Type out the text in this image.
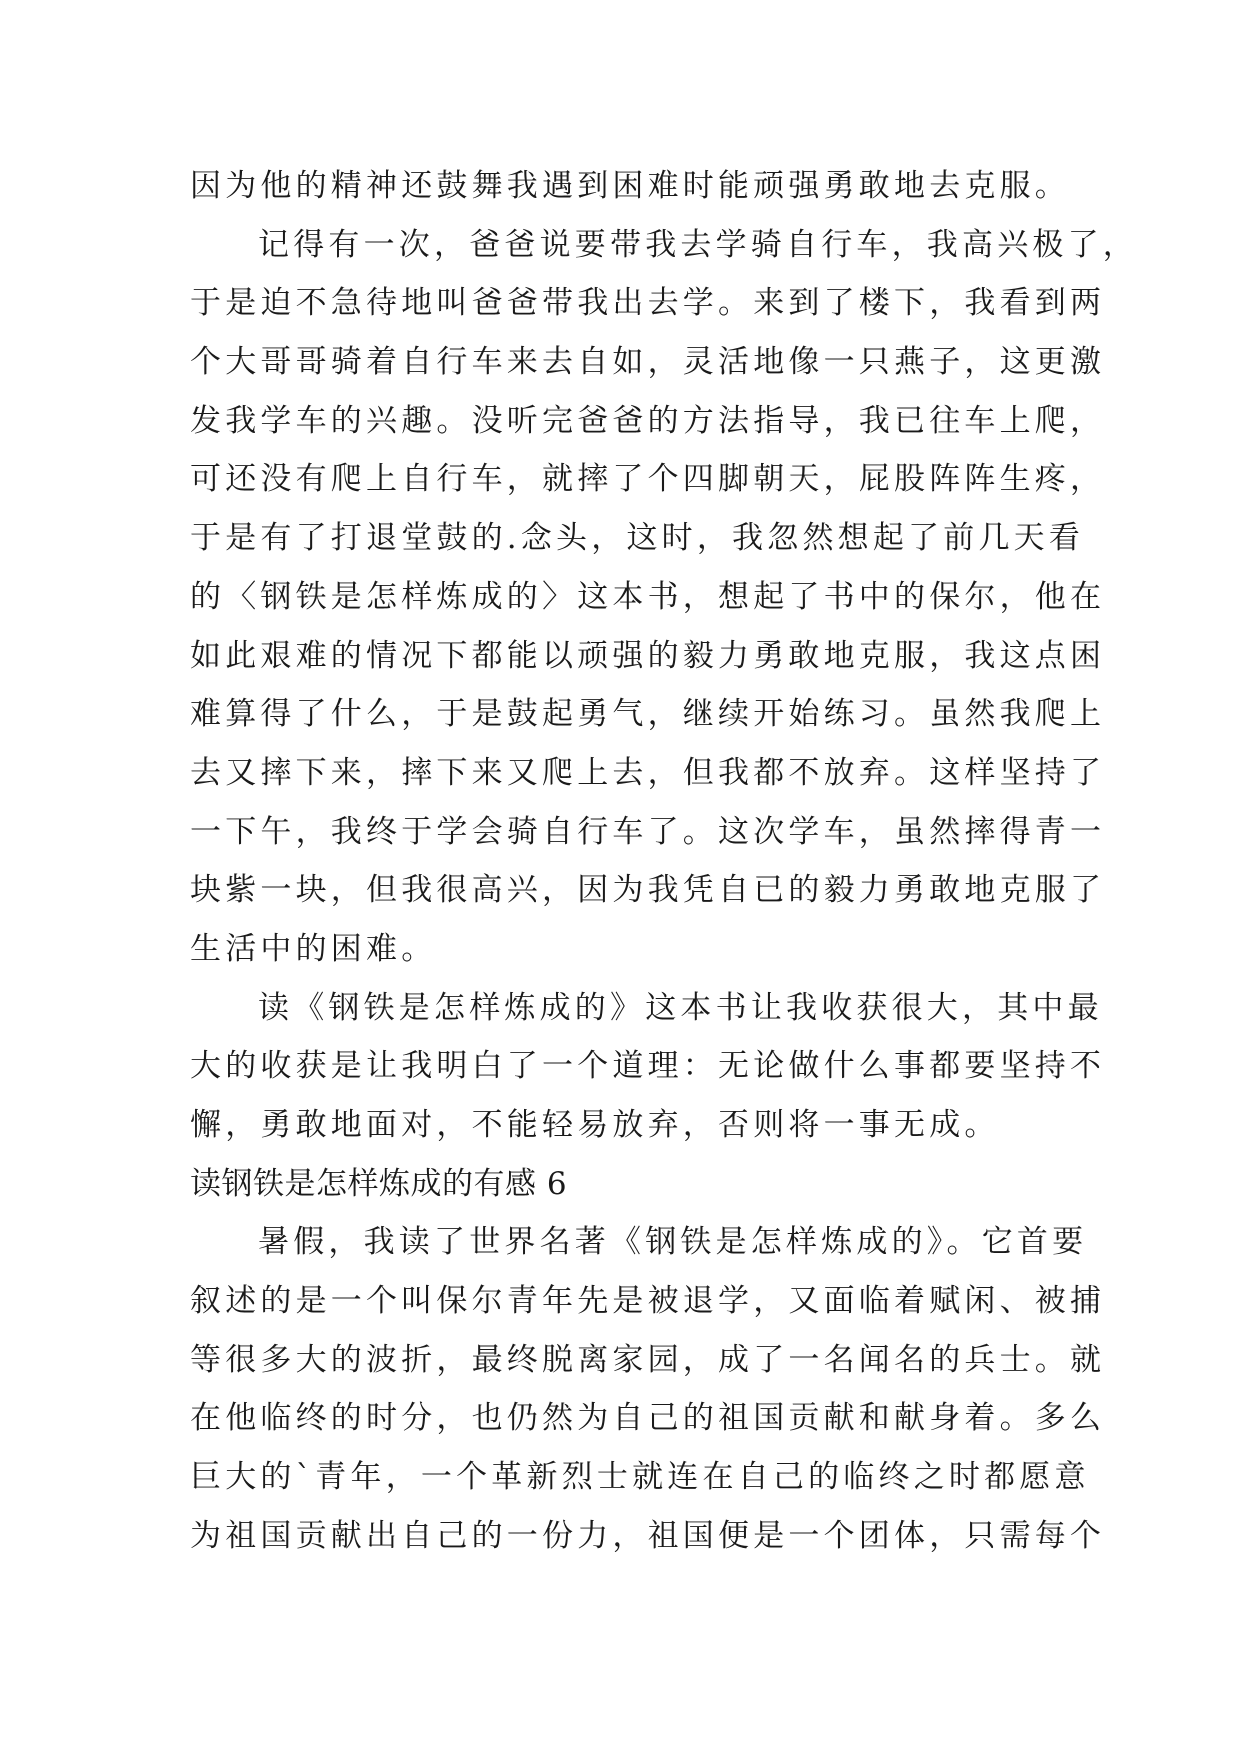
因为他的精神还鼓舞我遇到困难时能顽强勇敢地去克服。
记得有一次，爸爸说要带我去学骑自行车，我高兴极了，
于是迫不急待地叫爸爸带我出去学。来到了楼下，我看到两
个大哥哥骑着自行车来去自如，灵活地像一只燕子，这更激
发我学车的兴趣。没听完爸爸的方法指导，我已往车上爬，
可还没有爬上自行车，就摔了个四脚朝天，屁股阵阵生疼，
于是有了打退堂鼓的.念头，这时，我忽然想起了前几天看
的〈钢铁是怎样炼成的〉这本书，想起了书中的保尔，他在
如此艰难的情况下都能以顽强的毅力勇敢地克服，我这点困
难算得了什么，于是鼓起勇气，继续开始练习。虽然我爬上
去又摔下来，摔下来又爬上去，但我都不放弃。这样坚持了
一下午，我终于学会骑自行车了。这次学车，虽然摔得青一
块紫一块，但我很高兴，因为我凭自已的毅力勇敢地克服了
生活中的困难。
读《钢铁是怎样炼成的》这本书让我收获很大，其中最
大的收获是让我明白了一个道理：无论做什么事都要坚持不
懈，勇敢地面对，不能轻易放弃，否则将一事无成。
读钢铁是怎样炼成的有感 6
暑假，我读了世界名著《钢铁是怎样炼成的》。它首要
叙述的是一个叫保尔青年先是被退学，又面临着赋闲、被捕
等很多大的波折，最终脱离家园，成了一名闻名的兵士。就
在他临终的时分，也仍然为自己的祖国贡献和献身着。多么
巨大的`青年，一个革新烈士就连在自己的临终之时都愿意
为祖国贡献出自己的一份力，祖国便是一个团体，只需每个
